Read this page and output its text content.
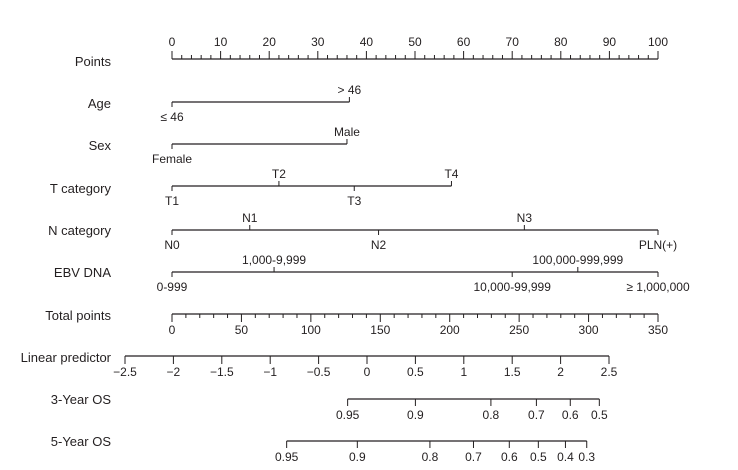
Points
0	10	20	30	40	50	60	70	80	90	100
Age
≤ 46
> 46
Sex
Female
Male
T category
T1
T2
T3
T4
N category
N0
N1
N2
N3
PLN(+)
EBV DNA
0-999
1,000-9,999
10,000-99,999
100,000-999,999
≥ 1,000,000
Total points
0	50	100	150	200	250	300	350
Linear predictor
−2.5 −2 −1.5 −1 −0.5	0	0.5	1	1.5	2	2.5
3-Year OS
0.95	0.9	0.8 0.7 0.6 0.5
5-Year OS
0.95	0.9	0.8 0.7 0.6 0.5 0.4 0.3
